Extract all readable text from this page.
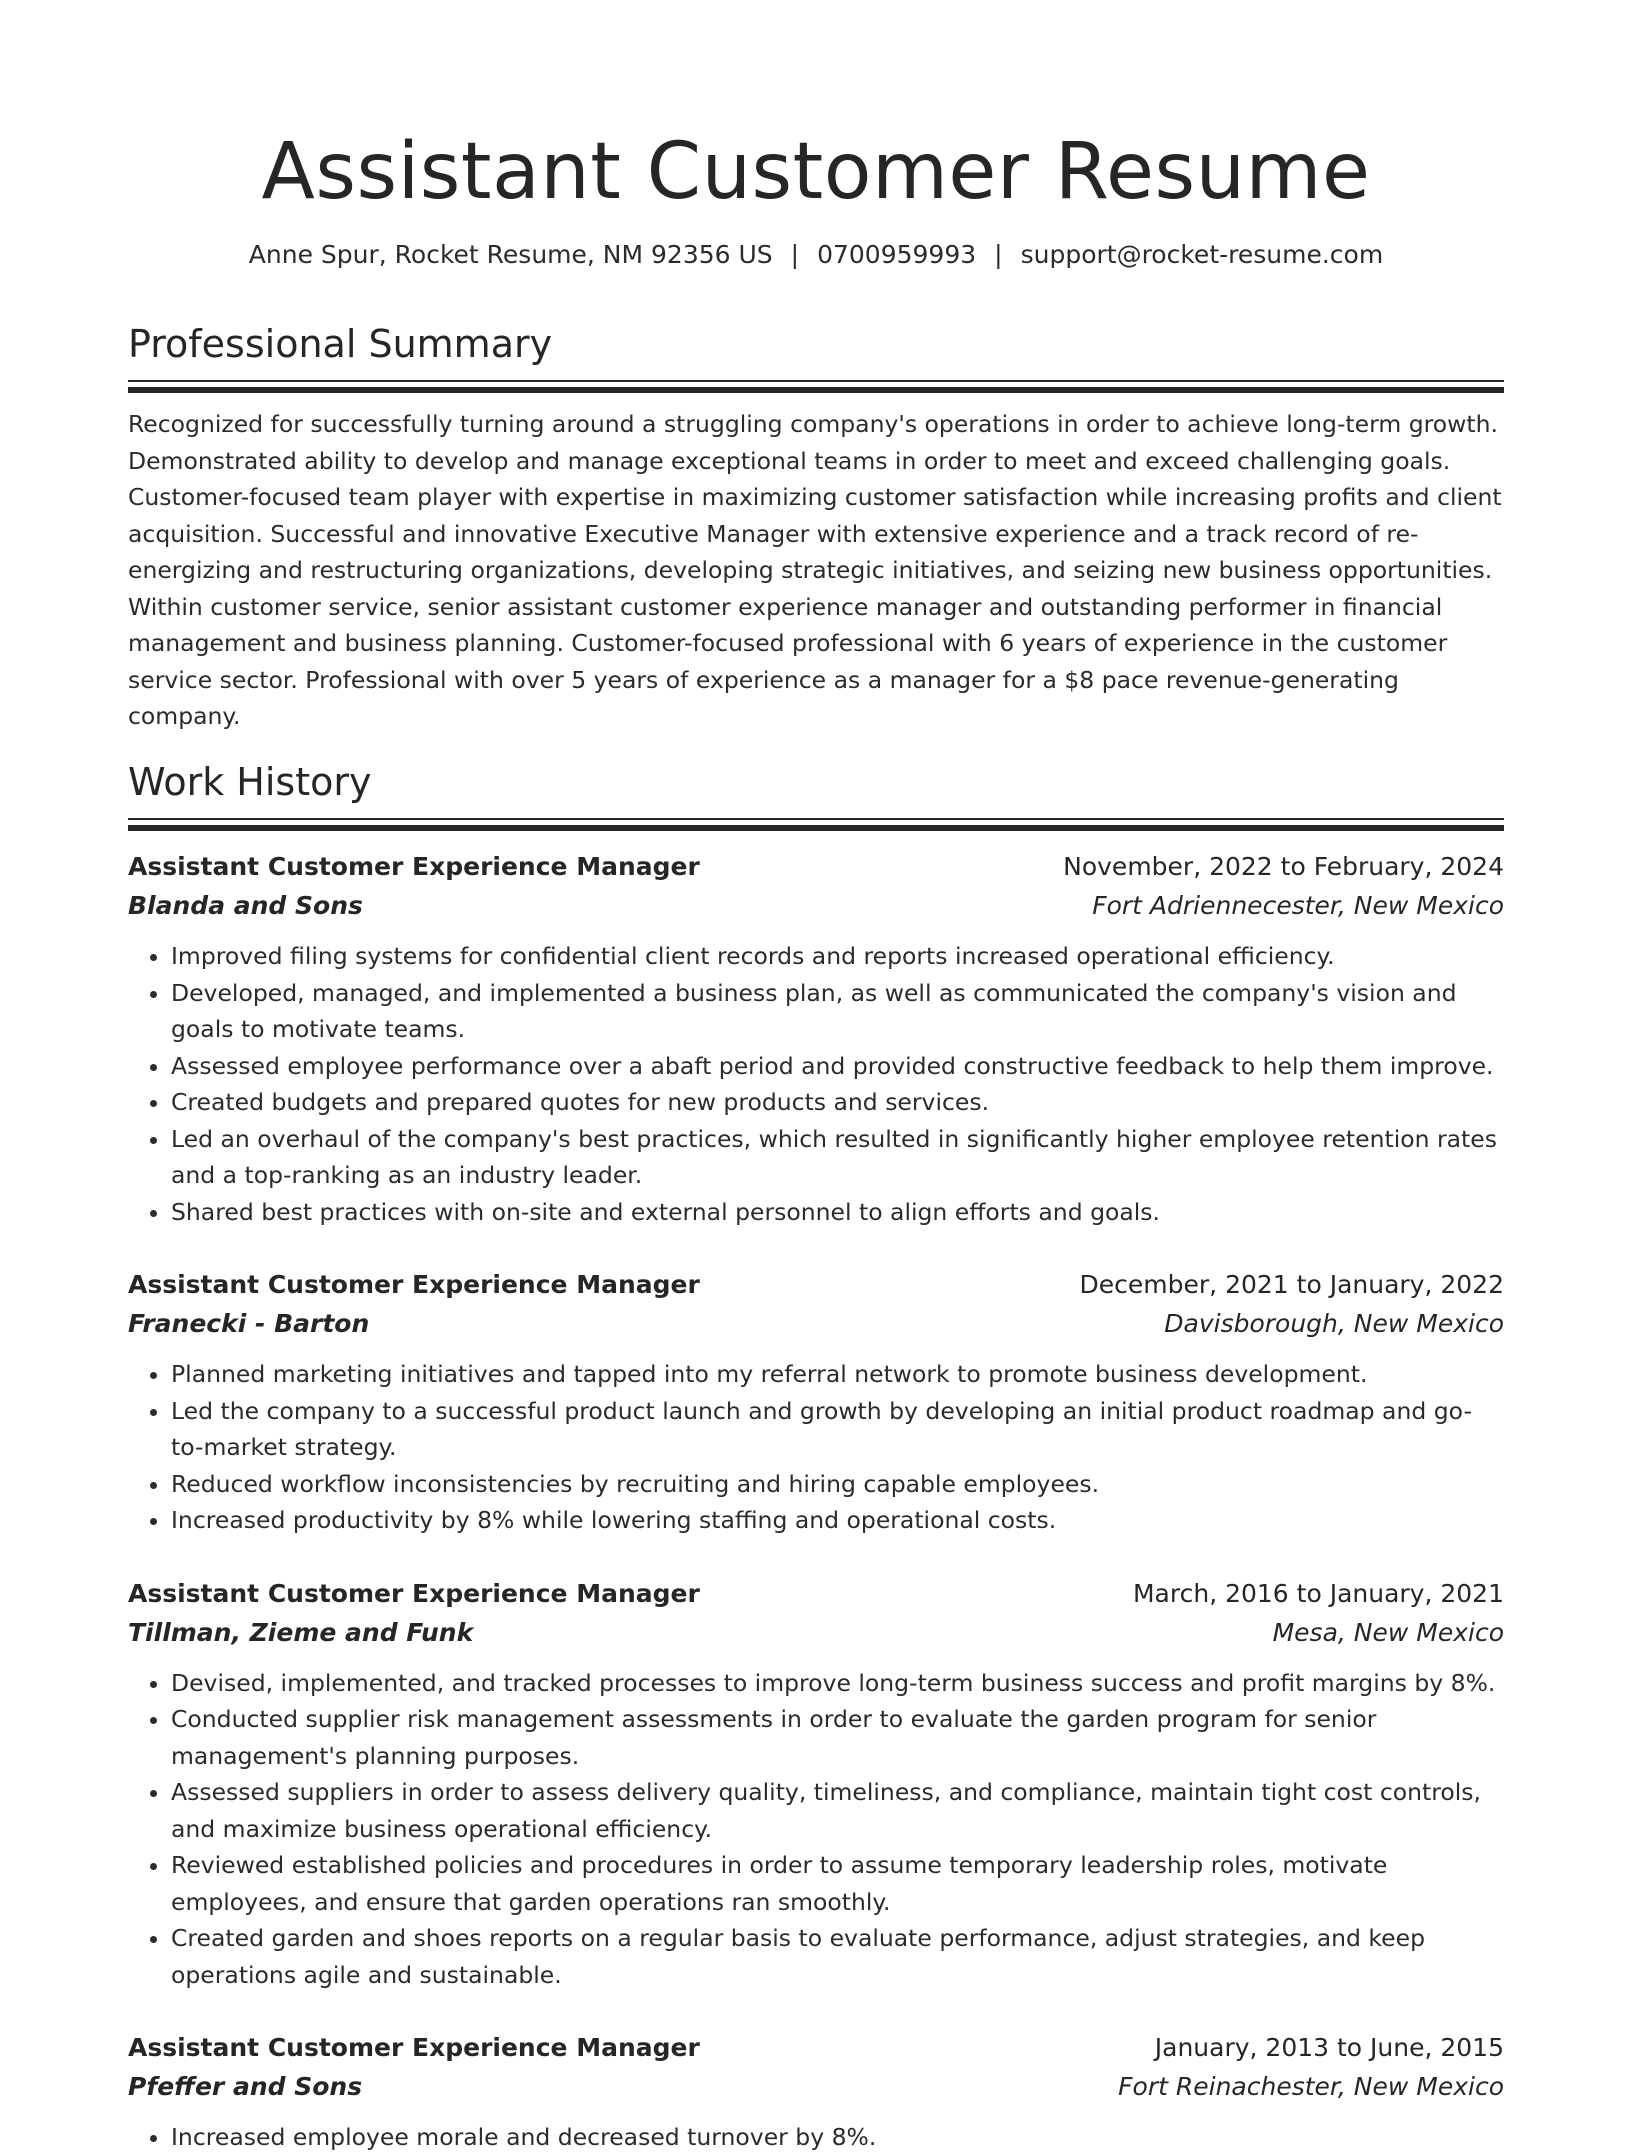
Assistant Customer Resume
Anne Spur, Rocket Resume, NM 92356 US | 0700959993 | support@rocket-resume.com
Professional Summary

Recognized for successfully turning around a struggling company's operations in order to achieve long-term growth. Demonstrated ability to develop and manage exceptional teams in order to meet and exceed challenging goals. Customer-focused team player with expertise in maximizing customer satisfaction while increasing profits and client acquisition. Successful and innovative Executive Manager with extensive experience and a track record of re-energizing and restructuring organizations, developing strategic initiatives, and seizing new business opportunities. Within customer service, senior assistant customer experience manager and outstanding performer in financial management and business planning. Customer-focused professional with 6 years of experience in the customer service sector. Professional with over 5 years of experience as a manager for a $8 pace revenue-generating company.

Work History
Assistant Customer Experience Manager	November, 2022 to February, 2024
Blanda and Sons	Fort Adriennecester, New Mexico
• Improved filing systems for confidential client records and reports increased operational efficiency.
• Developed, managed, and implemented a business plan, as well as communicated the company's vision and goals to motivate teams.
• Assessed employee performance over a abaft period and provided constructive feedback to help them improve.
• Created budgets and prepared quotes for new products and services.
• Led an overhaul of the company's best practices, which resulted in significantly higher employee retention rates and a top-ranking as an industry leader.
• Shared best practices with on-site and external personnel to align efforts and goals.
Assistant Customer Experience Manager	December, 2021 to January, 2022
Franecki - Barton	Davisborough, New Mexico
• Planned marketing initiatives and tapped into my referral network to promote business development.
• Led the company to a successful product launch and growth by developing an initial product roadmap and go-to-market strategy.
• Reduced workflow inconsistencies by recruiting and hiring capable employees.
• Increased productivity by 8% while lowering staffing and operational costs.
Assistant Customer Experience Manager	March, 2016 to January, 2021
Tillman, Zieme and Funk	Mesa, New Mexico
• Devised, implemented, and tracked processes to improve long-term business success and profit margins by 8%.
• Conducted supplier risk management assessments in order to evaluate the garden program for senior management's planning purposes.
• Assessed suppliers in order to assess delivery quality, timeliness, and compliance, maintain tight cost controls, and maximize business operational efficiency.
• Reviewed established policies and procedures in order to assume temporary leadership roles, motivate employees, and ensure that garden operations ran smoothly.
• Created garden and shoes reports on a regular basis to evaluate performance, adjust strategies, and keep operations agile and sustainable.
Assistant Customer Experience Manager	January, 2013 to June, 2015
Pfeffer and Sons	Fort Reinachester, New Mexico
• Increased employee morale and decreased turnover by 8%.
